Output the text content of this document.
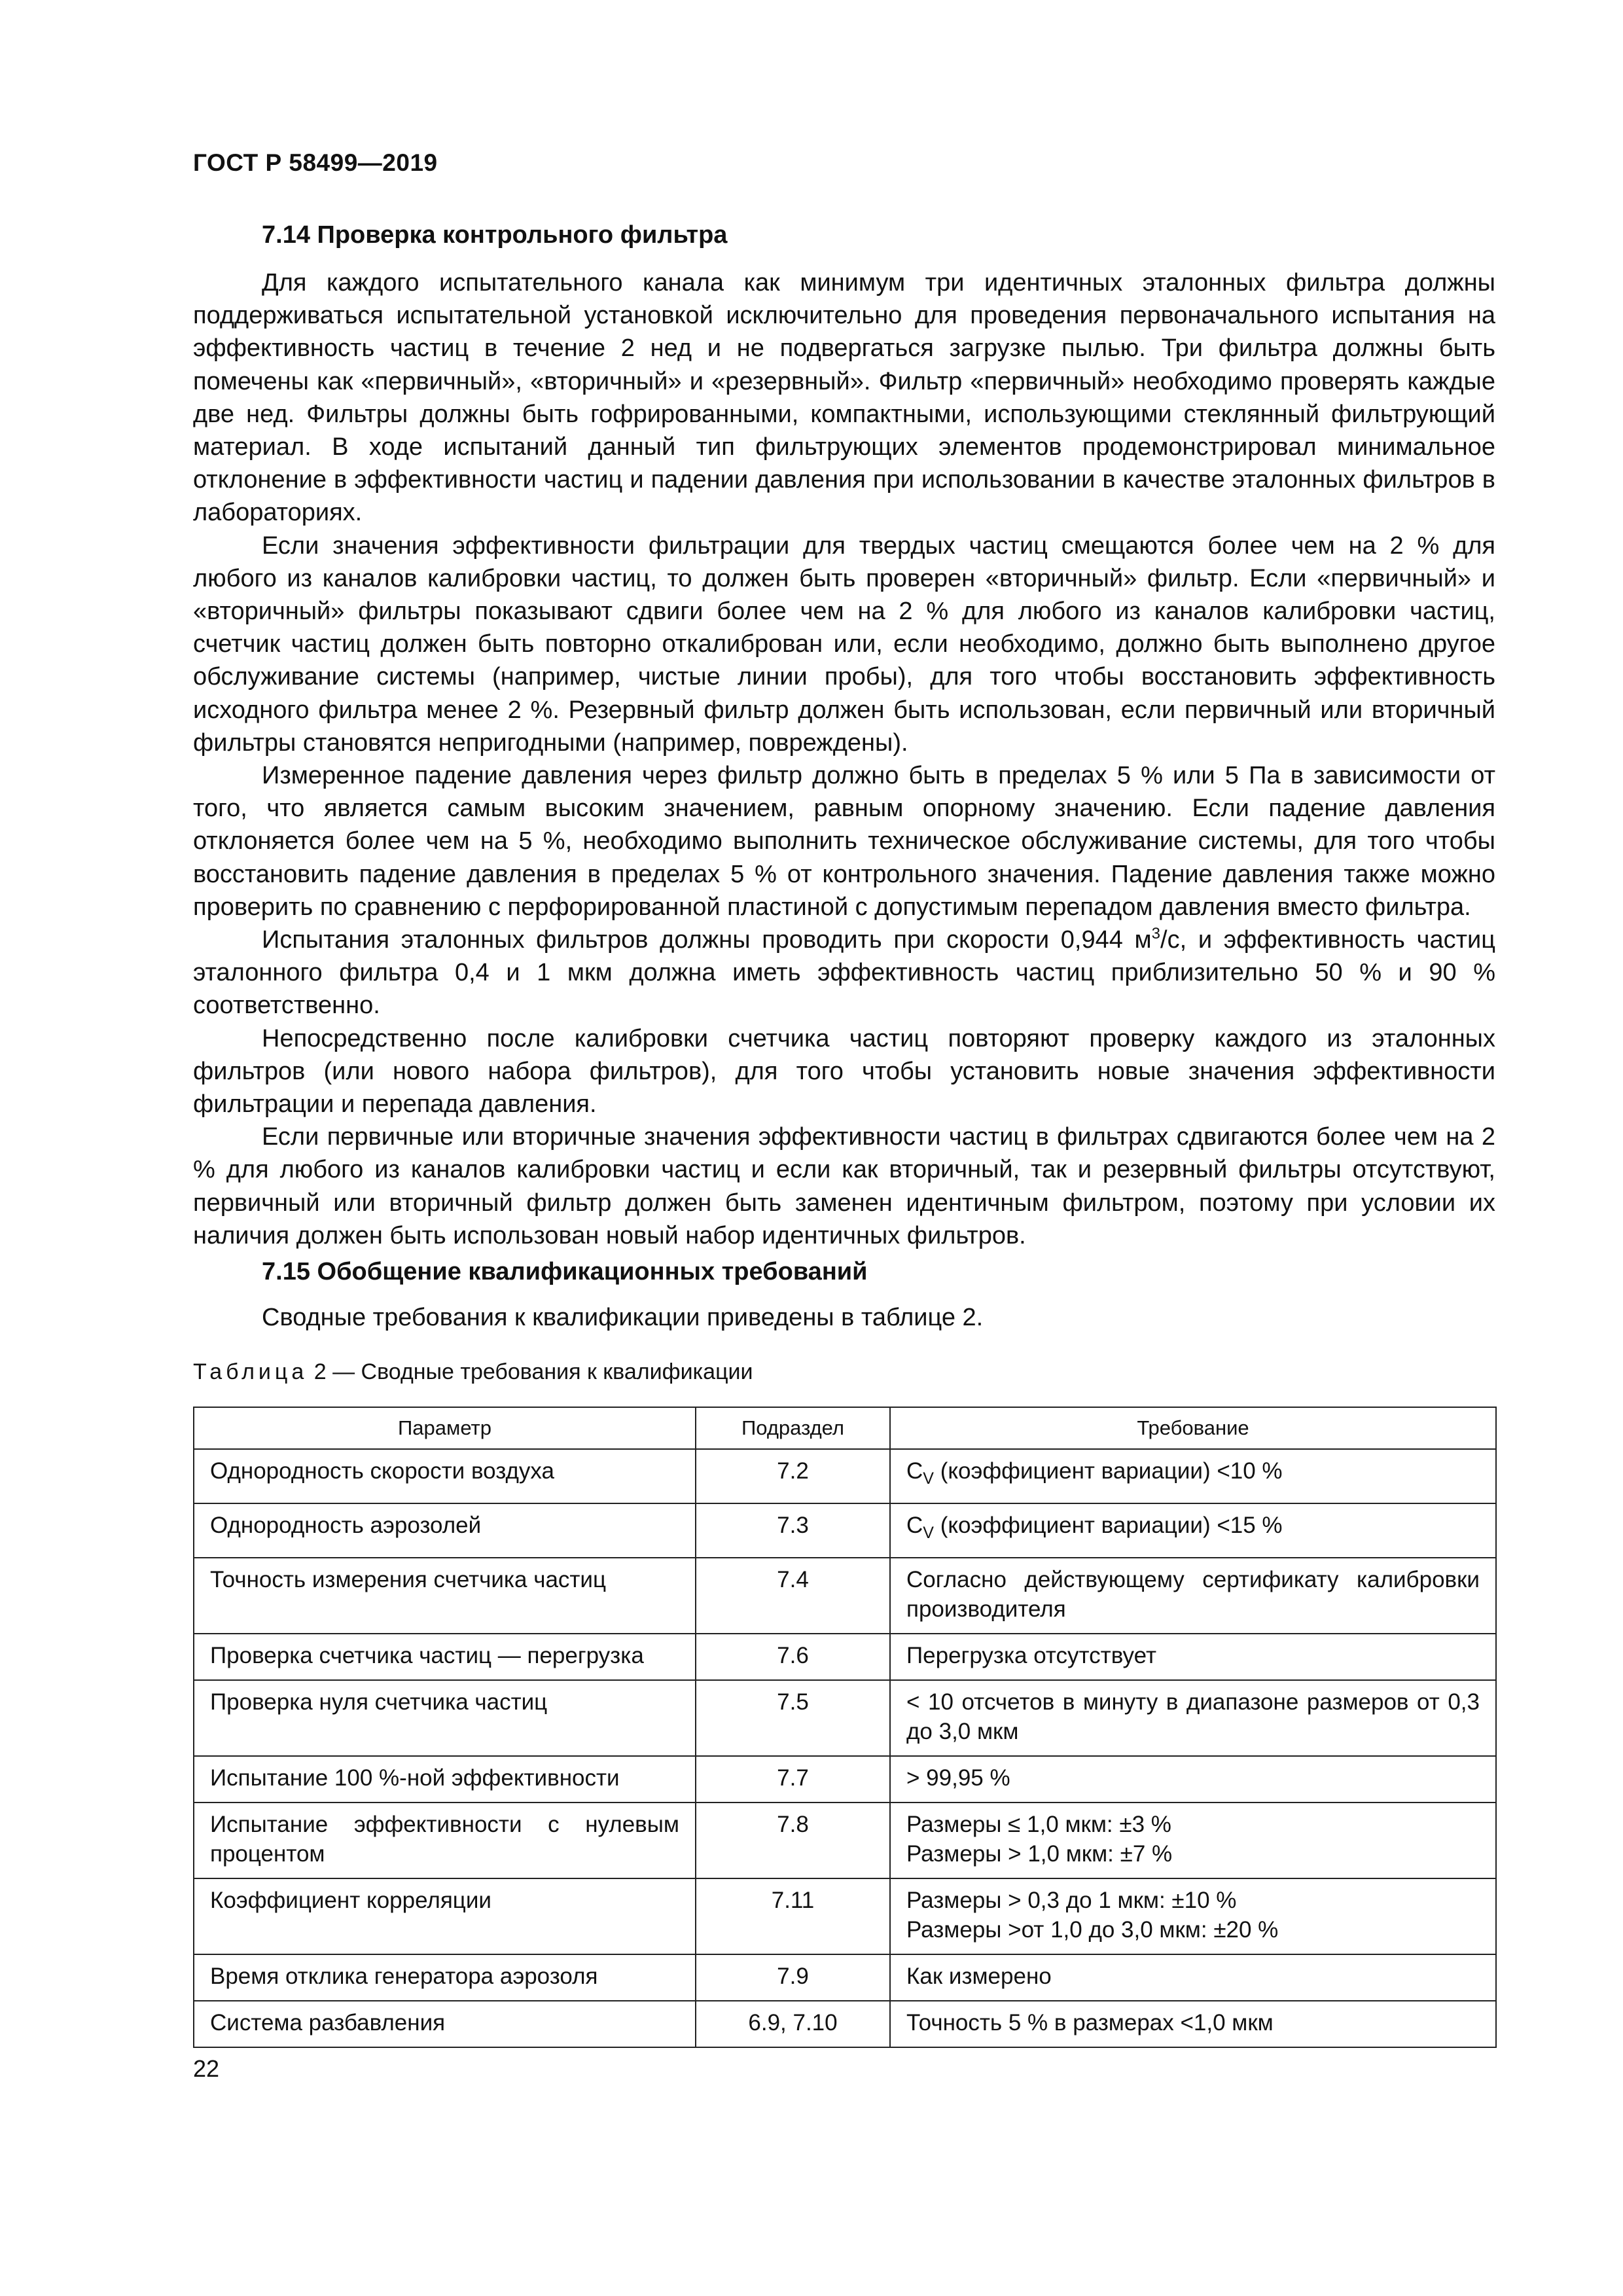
ГОСТ Р 58499—2019
7.14 Проверка контрольного фильтра

Для каждого испытательного канала как минимум три идентичных эталонных фильтра должны поддерживаться испытательной установкой исключительно для проведения первоначального испытания на эффективность частиц в течение 2 нед и не подвергаться загрузке пылью. Три фильтра должны быть помечены как «первичный», «вторичный» и «резервный». Фильтр «первичный» необходимо проверять каждые две нед. Фильтры должны быть гофрированными, компактными, использующими стеклянный фильтрующий материал. В ходе испытаний данный тип фильтрующих элементов продемонстрировал минимальное отклонение в эффективности частиц и падении давления при использовании в качестве эталонных фильтров в лабораториях.

Если значения эффективности фильтрации для твердых частиц смещаются более чем на 2 % для любого из каналов калибровки частиц, то должен быть проверен «вторичный» фильтр. Если «первичный» и «вторичный» фильтры показывают сдвиги более чем на 2 % для любого из каналов калибровки частиц, счетчик частиц должен быть повторно откалиброван или, если необходимо, должно быть выполнено другое обслуживание системы (например, чистые линии пробы), для того чтобы восстановить эффективность исходного фильтра менее 2 %. Резервный фильтр должен быть использован, если первичный или вторичный фильтры становятся непригодными (например, повреждены).

Измеренное падение давления через фильтр должно быть в пределах 5 % или 5 Па в зависимости от того, что является самым высоким значением, равным опорному значению. Если падение давления отклоняется более чем на 5 %, необходимо выполнить техническое обслуживание системы, для того чтобы восстановить падение давления в пределах 5 % от контрольного значения. Падение давления также можно проверить по сравнению с перфорированной пластиной с допустимым перепадом давления вместо фильтра.

Испытания эталонных фильтров должны проводить при скорости 0,944 $м^3/с$, и эффективность частиц эталонного фильтра 0,4 и 1 мкм должна иметь эффективность частиц приблизительно 50 % и 90 % соответственно.

Непосредственно после калибровки счетчика частиц повторяют проверку каждого из эталонных фильтров (или нового набора фильтров), для того чтобы установить новые значения эффективности фильтрации и перепада давления.

Если первичные или вторичные значения эффективности частиц в фильтрах сдвигаются более чем на 2 % для любого из каналов калибровки частиц и если как вторичный, так и резервный фильтры отсутствуют, первичный или вторичный фильтр должен быть заменен идентичным фильтром, поэтому при условии их наличия должен быть использован новый набор идентичных фильтров.

7.15 Обобщение квалификационных требований
Сводные требования к квалификации приведены в таблице 2.
Таблица 2 — Сводные требования к квалификации
Параметр	Подраздел	Требование
Однородность скорости воздуха	7.2	$C_V$ (коэффициент вариации) <10 %
Однородность аэрозолей	7.3	$C_V$ (коэффициент вариации) <15 %
Точность измерения счетчика частиц	7.4	Согласно действующему сертификату калибровки производителя
Проверка счетчика частиц — перегрузка	7.6	Перегрузка отсутствует
Проверка нуля счетчика частиц	7.5	< 10 отсчетов в минуту в диапазоне размеров от 0,3 до 3,0 мкм
Испытание 100 %-ной эффективности	7.7	> 99,95 %
Испытание эффективности с нулевым процентом	7.8	Размеры ≤ 1,0 мкм: ±3 %
Размеры > 1,0 мкм: ±7 %
Коэффициент корреляции	7.11	Размеры > 0,3 до 1 мкм: ±10 %
Размеры >от 1,0 до 3,0 мкм: ±20 %
Время отклика генератора аэрозоля	7.9	Как измерено
Система разбавления	6.9, 7.10	Точность 5 % в размерах <1,0 мкм
22
